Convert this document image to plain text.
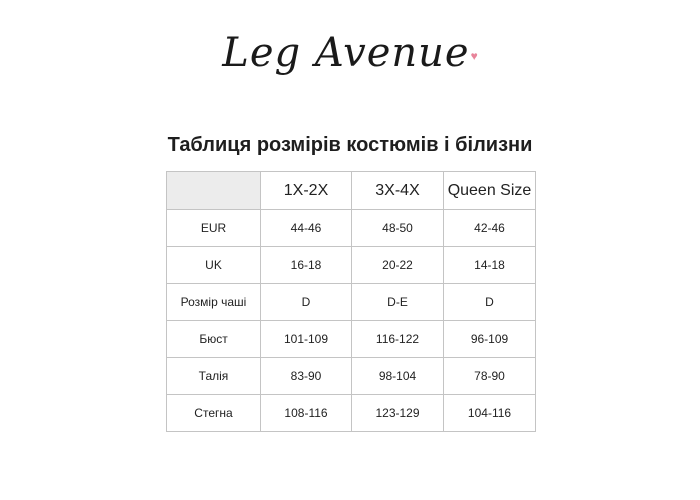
Leg Avenue♥
Таблиця розмірів костюмів і білизни
	1X-2X	3X-4X	Queen Size
EUR	44-46	48-50	42-46
UK	16-18	20-22	14-18
Розмір чаші	D	D-E	D
Бюст	101-109	116-122	96-109
Талія	83-90	98-104	78-90
Стегна	108-116	123-129	104-116
